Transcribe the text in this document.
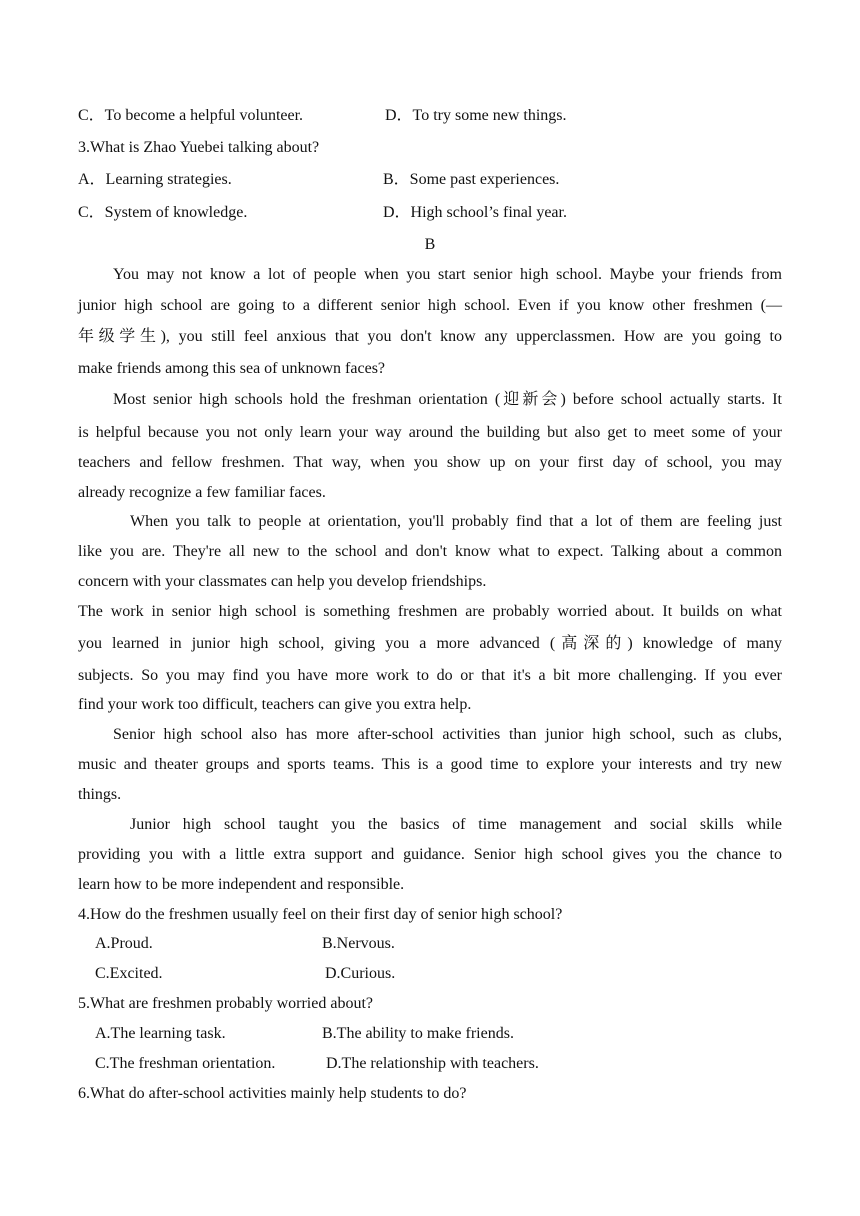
C．To become a helpful volunteer.	D．To try some new things.
3.What is Zhao Yuebei talking about?
A．Learning strategies.	B．Some past experiences.
C．System of knowledge.	D．High school’s final year.
B
You may not know a lot of people when you start senior high school. Maybe your friends from
junior high school are going to a different senior high school. Even if you know other freshmen (—
年级学生), you still feel anxious that you don't know any upperclassmen. How are you going to
make friends among this sea of unknown faces?
Most senior high schools hold the freshman orientation (迎新会) before school actually starts. It
is helpful because you not only learn your way around the building but also get to meet some of your
teachers and fellow freshmen. That way, when you show up on your first day of school, you may
already recognize a few familiar faces.
When you talk to people at orientation, you'll probably find that a lot of them are feeling just
like you are. They're all new to the school and don't know what to expect. Talking about a common
concern with your classmates can help you develop friendships.
The work in senior high school is something freshmen are probably worried about. It builds on what
you learned in junior high school, giving you a more advanced (高深的) knowledge of many
subjects. So you may find you have more work to do or that it's a bit more challenging. If you ever
find your work too difficult, teachers can give you extra help.
Senior high school also has more after-school activities than junior high school, such as clubs,
music and theater groups and sports teams. This is a good time to explore your interests and try new
things.
Junior high school taught you the basics of time management and social skills while
providing you with a little extra support and guidance. Senior high school gives you the chance to
learn how to be more independent and responsible.
4.How do the freshmen usually feel on their first day of senior high school?
A.Proud.	B.Nervous.
C.Excited.	D.Curious.
5.What are freshmen probably worried about?
A.The learning task.	B.The ability to make friends.
C.The freshman orientation.	D.The relationship with teachers.
6.What do after-school activities mainly help students to do?
